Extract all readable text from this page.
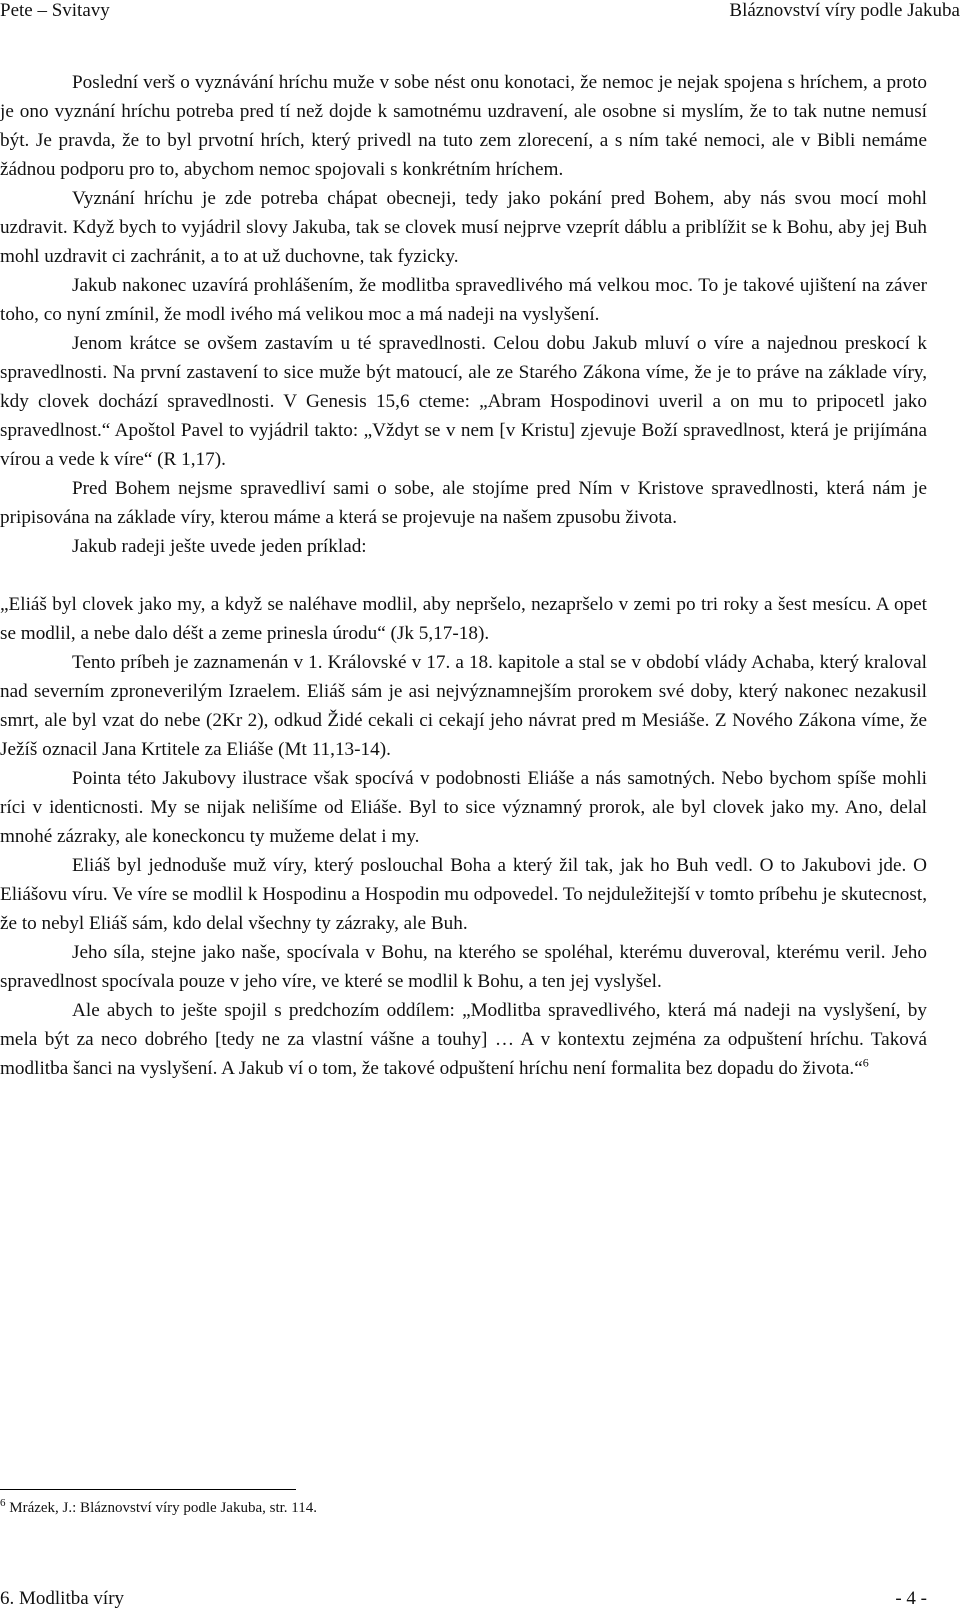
Pete – Svitavy	Bláznovství víry podle Jakuba

Poslední verš o vyznávání hríchu muže v sobe nést onu konotaci, že nemoc je nejak spojena s hríchem, a proto je ono vyznání hríchu potreba pred tí než dojde k samotnému uzdravení, ale osobne si myslím, že to tak nutne nemusí být. Je pravda, že to byl prvotní hrích, který privedl na tuto zem zlorecení, a s ním také nemoci, ale v Bibli nemáme žádnou podporu pro to, abychom nemoc spojovali s konkrétním hríchem.

Vyznání hríchu je zde potreba chápat obecneji, tedy jako pokání pred Bohem, aby nás svou mocí mohl uzdravit. Když bych to vyjádril slovy Jakuba, tak se clovek musí nejprve vzeprít dáblu a priblížit se k Bohu, aby jej Buh mohl uzdravit ci zachránit, a to at už duchovne, tak fyzicky.

Jakub nakonec uzavírá prohlášením, že modlitba spravedlivého má velkou moc. To je takové ujištení na záver toho, co nyní zmínil, že modl ivého má velikou moc a má nadeji na vyslyšení.

Jenom krátce se ovšem zastavím u té spravedlnosti. Celou dobu Jakub mluví o víre a najednou preskocí k spravedlnosti. Na první zastavení to sice muže být matoucí, ale ze Starého Zákona víme, že je to práve na základe víry, kdy clovek dochází spravedlnosti. V Genesis 15,6 cteme: „Abram Hospodinovi uveril a on mu to pripocetl jako spravedlnost.“ Apoštol Pavel to vyjádril takto: „Vždyt se v nem [v Kristu] zjevuje Boží spravedlnost, která je prijímána vírou a vede k víre“ (R 1,17).

Pred Bohem nejsme spravedliví sami o sobe, ale stojíme pred Ním v Kristove spravedlnosti, která nám je pripisována na základe víry, kterou máme a která se projevuje na našem zpusobu života.

Jakub radeji ješte uvede jeden príklad:

„Eliáš byl clovek jako my, a když se naléhave modlil, aby nepršelo, nezapršelo v zemi po tri roky a šest mesícu. A opet se modlil, a nebe dalo déšt a zeme prinesla úrodu“ (Jk 5,17-18).

Tento príbeh je zaznamenán v 1. Královské v 17. a 18. kapitole a stal se v období vlády Achaba, který kraloval nad severním zproneverilým Izraelem. Eliáš sám je asi nejvýznamnejším prorokem své doby, který nakonec nezakusil smrt, ale byl vzat do nebe (2Kr 2), odkud Židé cekali ci cekají jeho návrat pred m Mesiáše. Z Nového Zákona víme, že Ježíš oznacil Jana Krtitele za Eliáše (Mt 11,13-14).

Pointa této Jakubovy ilustrace však spocívá v podobnosti Eliáše a nás samotných. Nebo bychom spíše mohli ríci v identicnosti. My se nijak nelišíme od Eliáše. Byl to sice významný prorok, ale byl clovek jako my. Ano, delal mnohé zázraky, ale koneckoncu ty mužeme delat i my.

Eliáš byl jednoduše muž víry, který poslouchal Boha a který žil tak, jak ho Buh vedl. O to Jakubovi jde. O Eliášovu víru. Ve víre se modlil k Hospodinu a Hospodin mu odpovedel. To nejduležitejší v tomto príbehu je skutecnost, že to nebyl Eliáš sám, kdo delal všechny ty zázraky, ale Buh.

Jeho síla, stejne jako naše, spocívala v Bohu, na kterého se spoléhal, kterému duveroval, kterému veril. Jeho spravedlnost spocívala pouze v jeho víre, ve které se modlil k Bohu, a ten jej vyslyšel.

Ale abych to ješte spojil s predchozím oddílem: „Modlitba spravedlivého, která má nadeji na vyslyšení, by mela být za neco dobrého [tedy ne za vlastní vášne a touhy] … A v kontextu zejména za odpuštení hríchu. Taková modlitba šanci na vyslyšení. A Jakub ví o tom, že takové odpuštení hríchu není formalita bez dopadu do života.“$^6$

$^6$ Mrázek, J.: Bláznovství víry podle Jakuba, str. 114.
6. Modlitba víry	- 4 -
